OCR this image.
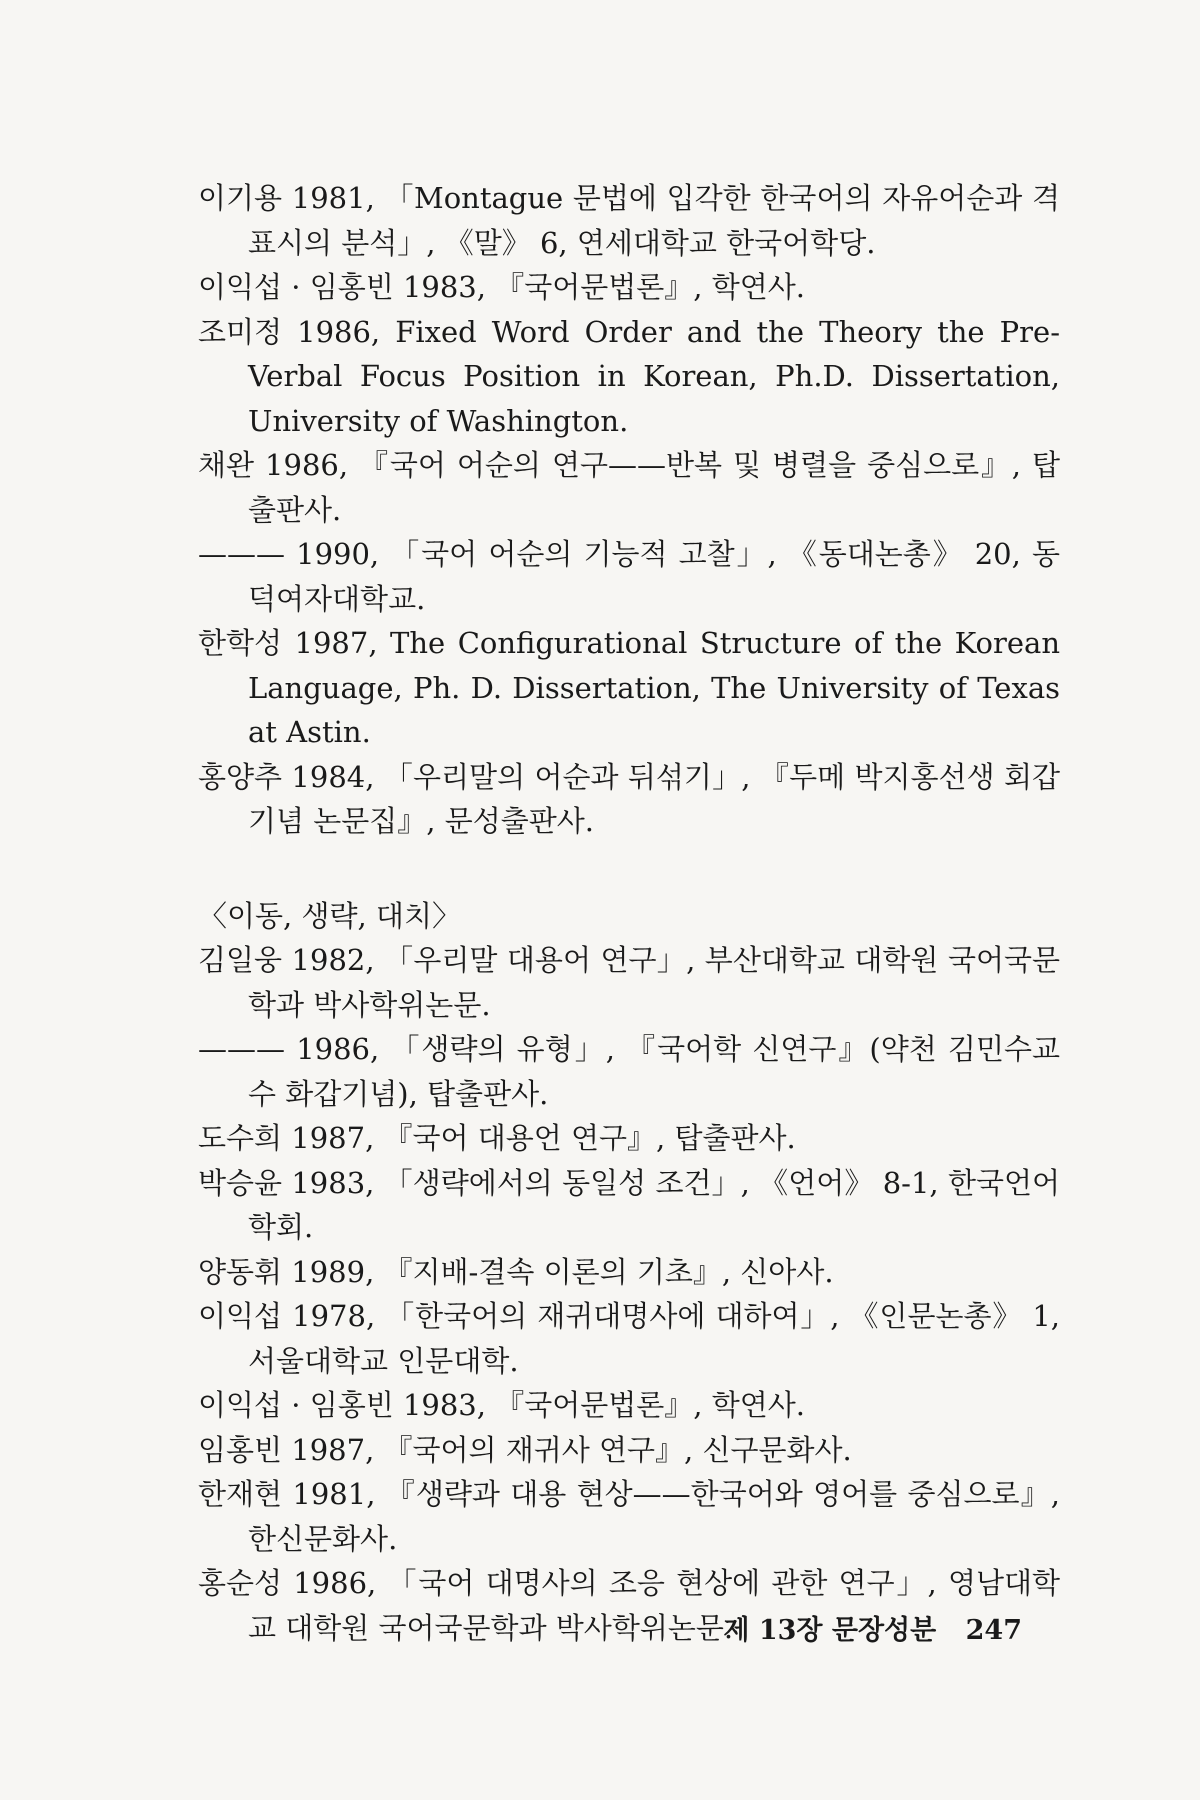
이기용 1981, 「Montague 문법에 입각한 한국어의 자유어순과 격표시의 분석」, 《말》 6, 연세대학교 한국어학당.

이익섭 · 임홍빈 1983, 『국어문법론』, 학연사.

조미정 1986, Fixed Word Order and the Theory the Pre-Verbal Focus Position in Korean, Ph.D. Dissertation, University of Washington.

채완 1986, 『국어 어순의 연구——반복 및 병렬을 중심으로』, 탑출판사.

——— 1990, 「국어 어순의 기능적 고찰」, 《동대논총》 20, 동덕여자대학교.

한학성 1987, The Configurational Structure of the Korean Language, Ph. D. Dissertation, The University of Texas at Astin.

홍양추 1984, 「우리말의 어순과 뒤섞기」, 『두메 박지홍선생 회갑기념 논문집』, 문성출판사.

〈이동, 생략, 대치〉

김일웅 1982, 「우리말 대용어 연구」, 부산대학교 대학원 국어국문학과 박사학위논문.

——— 1986, 「생략의 유형」, 『국어학 신연구』(약천 김민수교수 화갑기념), 탑출판사.

도수희 1987, 『국어 대용언 연구』, 탑출판사.

박승윤 1983, 「생략에서의 동일성 조건」, 《언어》 8-1, 한국언어학회.

양동휘 1989, 『지배-결속 이론의 기초』, 신아사.

이익섭 1978, 「한국어의 재귀대명사에 대하여」, 《인문논총》 1, 서울대학교 인문대학.

이익섭 · 임홍빈 1983, 『국어문법론』, 학연사.

임홍빈 1987, 『국어의 재귀사 연구』, 신구문화사.

한재현 1981, 『생략과 대용 현상——한국어와 영어를 중심으로』, 한신문화사.

홍순성 1986, 「국어 대명사의 조응 현상에 관한 연구」, 영남대학교 대학원 국어국문학과 박사학위논문.

제 13장 문장성분 247
